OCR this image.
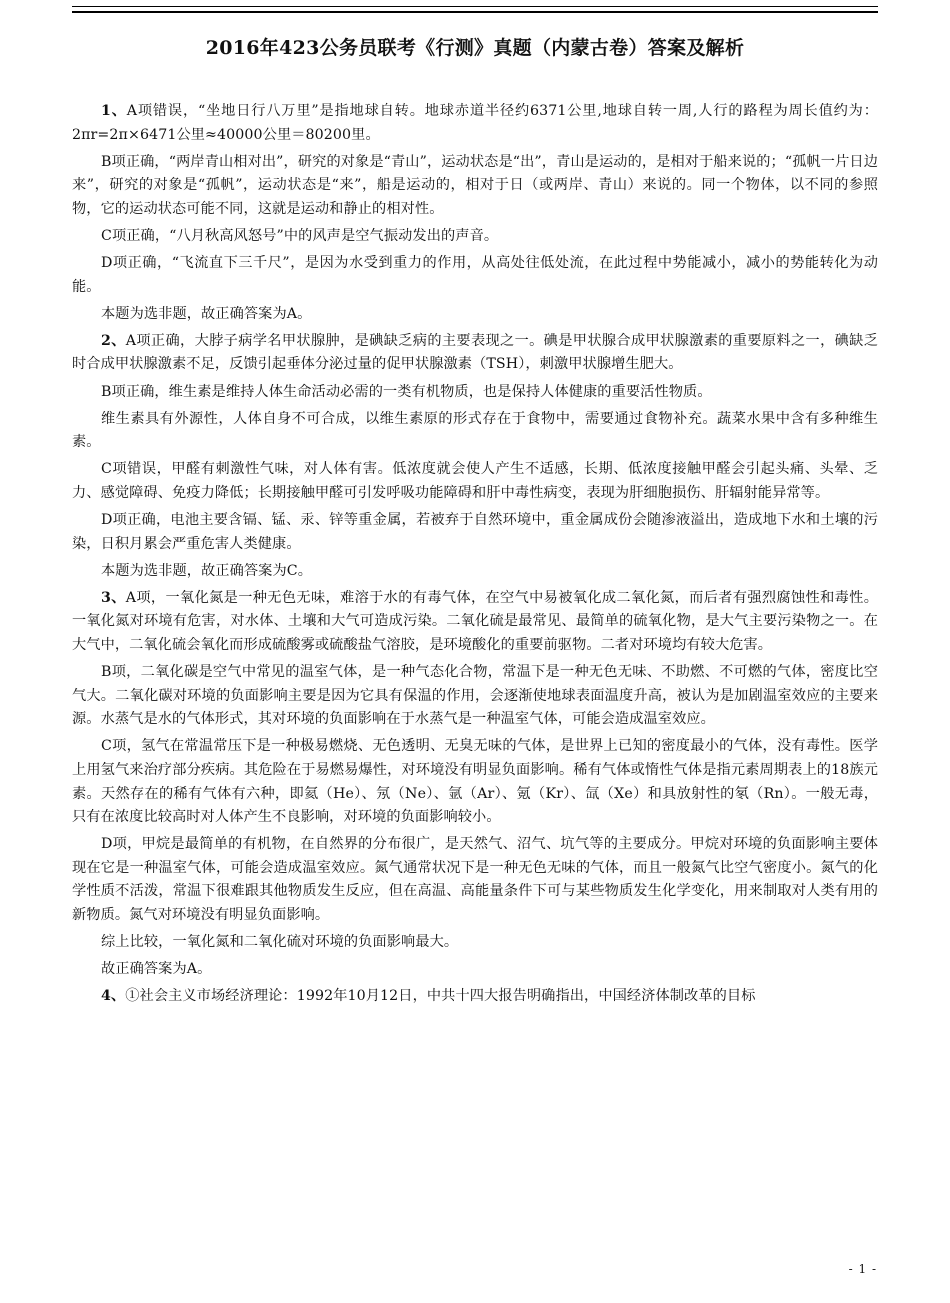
2016年423公务员联考《行测》真题（内蒙古卷）答案及解析

1、A项错误，“坐地日行八万里”是指地球自转。地球赤道半径约6371公里,地球自转一周,人行的路程为周长值约为：2πr=2π×6471公里≈40000公里＝80200里。

B项正确，“两岸青山相对出”，研究的对象是“青山”，运动状态是“出”，青山是运动的，是相对于船来说的；“孤帆一片日边来”，研究的对象是“孤帆”，运动状态是“来”，船是运动的，相对于日（或两岸、青山）来说的。同一个物体，以不同的参照物，它的运动状态可能不同，这就是运动和静止的相对性。

C项正确，“八月秋高风怒号”中的风声是空气振动发出的声音。

D项正确，“飞流直下三千尺”，是因为水受到重力的作用，从高处往低处流，在此过程中势能减小，减小的势能转化为动能。

本题为选非题，故正确答案为A。

2、A项正确，大脖子病学名甲状腺肿，是碘缺乏病的主要表现之一。碘是甲状腺合成甲状腺激素的重要原料之一，碘缺乏时合成甲状腺激素不足，反馈引起垂体分泌过量的促甲状腺激素（TSH），刺激甲状腺增生肥大。

B项正确，维生素是维持人体生命活动必需的一类有机物质，也是保持人体健康的重要活性物质。

维生素具有外源性，人体自身不可合成，以维生素原的形式存在于食物中，需要通过食物补充。蔬菜水果中含有多种维生素。

C项错误，甲醛有刺激性气味，对人体有害。低浓度就会使人产生不适感，长期、低浓度接触甲醛会引起头痛、头晕、乏力、感觉障碍、免疫力降低；长期接触甲醛可引发呼吸功能障碍和肝中毒性病变，表现为肝细胞损伤、肝辐射能异常等。

D项正确，电池主要含镉、锰、汞、锌等重金属，若被弃于自然环境中，重金属成份会随渗液溢出，造成地下水和土壤的污染，日积月累会严重危害人类健康。

本题为选非题，故正确答案为C。

3、A项，一氧化氮是一种无色无味，难溶于水的有毒气体，在空气中易被氧化成二氧化氮，而后者有强烈腐蚀性和毒性。一氧化氮对环境有危害，对水体、土壤和大气可造成污染。二氧化硫是最常见、最简单的硫氧化物，是大气主要污染物之一。在大气中，二氧化硫会氧化而形成硫酸雾或硫酸盐气溶胶，是环境酸化的重要前驱物。二者对环境均有较大危害。

B项，二氧化碳是空气中常见的温室气体，是一种气态化合物，常温下是一种无色无味、不助燃、不可燃的气体，密度比空气大。二氧化碳对环境的负面影响主要是因为它具有保温的作用，会逐渐使地球表面温度升高，被认为是加剧温室效应的主要来源。水蒸气是水的气体形式，其对环境的负面影响在于水蒸气是一种温室气体，可能会造成温室效应。

C项，氢气在常温常压下是一种极易燃烧、无色透明、无臭无味的气体，是世界上已知的密度最小的气体，没有毒性。医学上用氢气来治疗部分疾病。其危险在于易燃易爆性，对环境没有明显负面影响。稀有气体或惰性气体是指元素周期表上的18族元素。天然存在的稀有气体有六种，即氦（He）、氖（Ne）、氩（Ar）、氪（Kr）、氙（Xe）和具放射性的氡（Rn）。一般无毒，只有在浓度比较高时对人体产生不良影响，对环境的负面影响较小。

D项，甲烷是最简单的有机物，在自然界的分布很广，是天然气、沼气、坑气等的主要成分。甲烷对环境的负面影响主要体现在它是一种温室气体，可能会造成温室效应。氮气通常状况下是一种无色无味的气体，而且一般氮气比空气密度小。氮气的化学性质不活泼，常温下很难跟其他物质发生反应，但在高温、高能量条件下可与某些物质发生化学变化，用来制取对人类有用的新物质。氮气对环境没有明显负面影响。

综上比较，一氧化氮和二氧化硫对环境的负面影响最大。

故正确答案为A。

4、①社会主义市场经济理论：1992年10月12日，中共十四大报告明确指出，中国经济体制改革的目标

- 1 -
